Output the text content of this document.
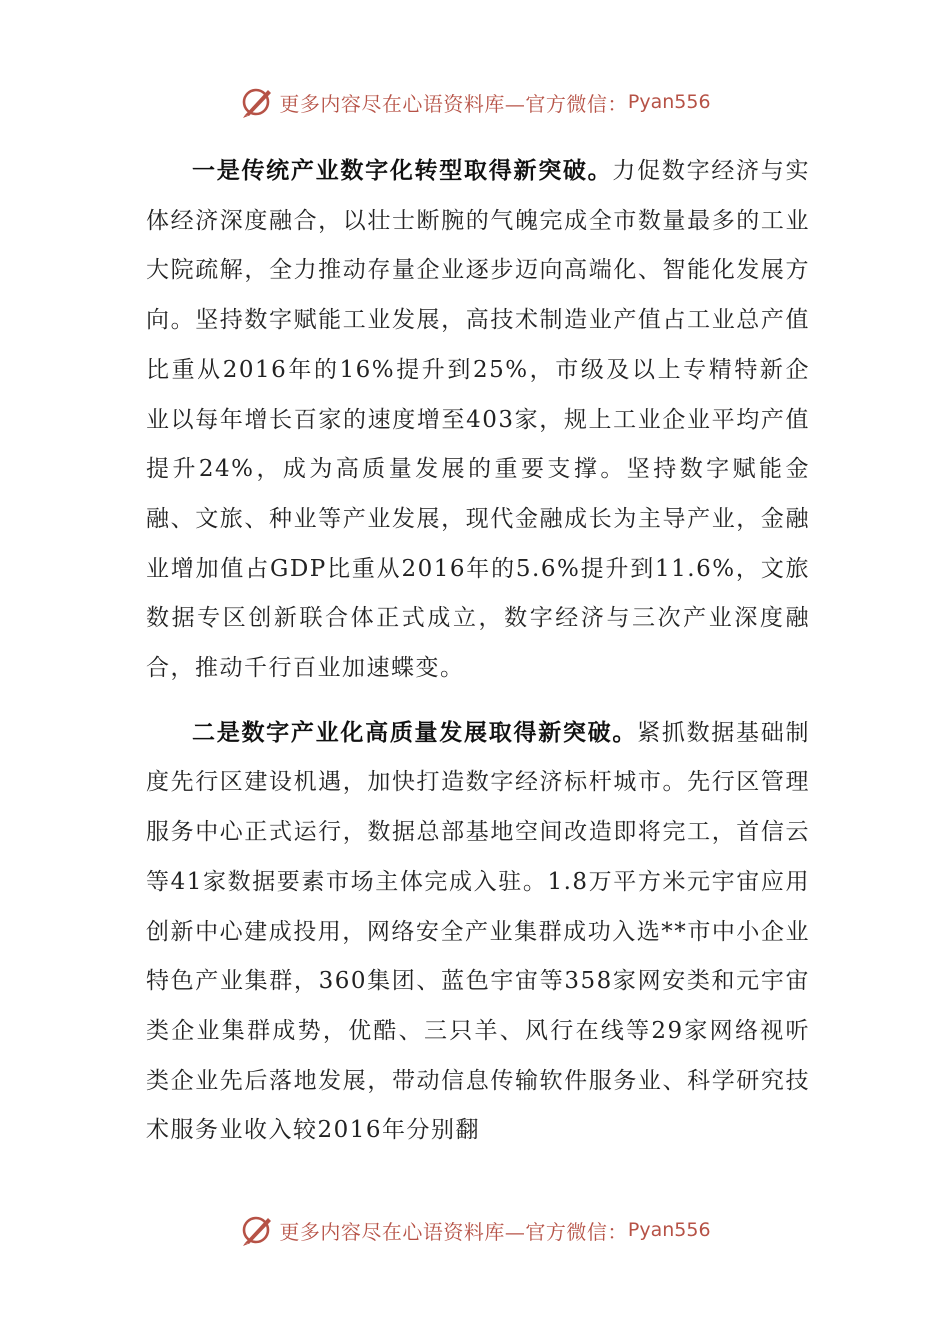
更多内容尽在心语资料库—官方微信： Pyan556

一是传统产业数字化转型取得新突破。力促数字经济与实体经济深度融合，以壮士断腕的气魄完成全市数量最多的工业大院疏解，全力推动存量企业逐步迈向高端化、智能化发展方向。坚持数字赋能工业发展，高技术制造业产值占工业总产值比重从2016年的16%提升到25%，市级及以上专精特新企业以每年增长百家的速度增至403家，规上工业企业平均产值提升24%，成为高质量发展的重要支撑。坚持数字赋能金融、文旅、种业等产业发展，现代金融成长为主导产业，金融业增加值占GDP比重从2016年的5.6%提升到11.6%，文旅数据专区创新联合体正式成立，数字经济与三次产业深度融合，推动千行百业加速蝶变。

二是数字产业化高质量发展取得新突破。紧抓数据基础制度先行区建设机遇，加快打造数字经济标杆城市。先行区管理服务中心正式运行，数据总部基地空间改造即将完工，首信云等41家数据要素市场主体完成入驻。1.8万平方米元宇宙应用创新中心建成投用，网络安全产业集群成功入选**市中小企业特色产业集群，360集团、蓝色宇宙等358家网安类和元宇宙类企业集群成势，优酷、三只羊、风行在线等29家网络视听类企业先后落地发展，带动信息传输软件服务业、科学研究技术服务业收入较2016年分别翻

更多内容尽在心语资料库—官方微信： Pyan556
